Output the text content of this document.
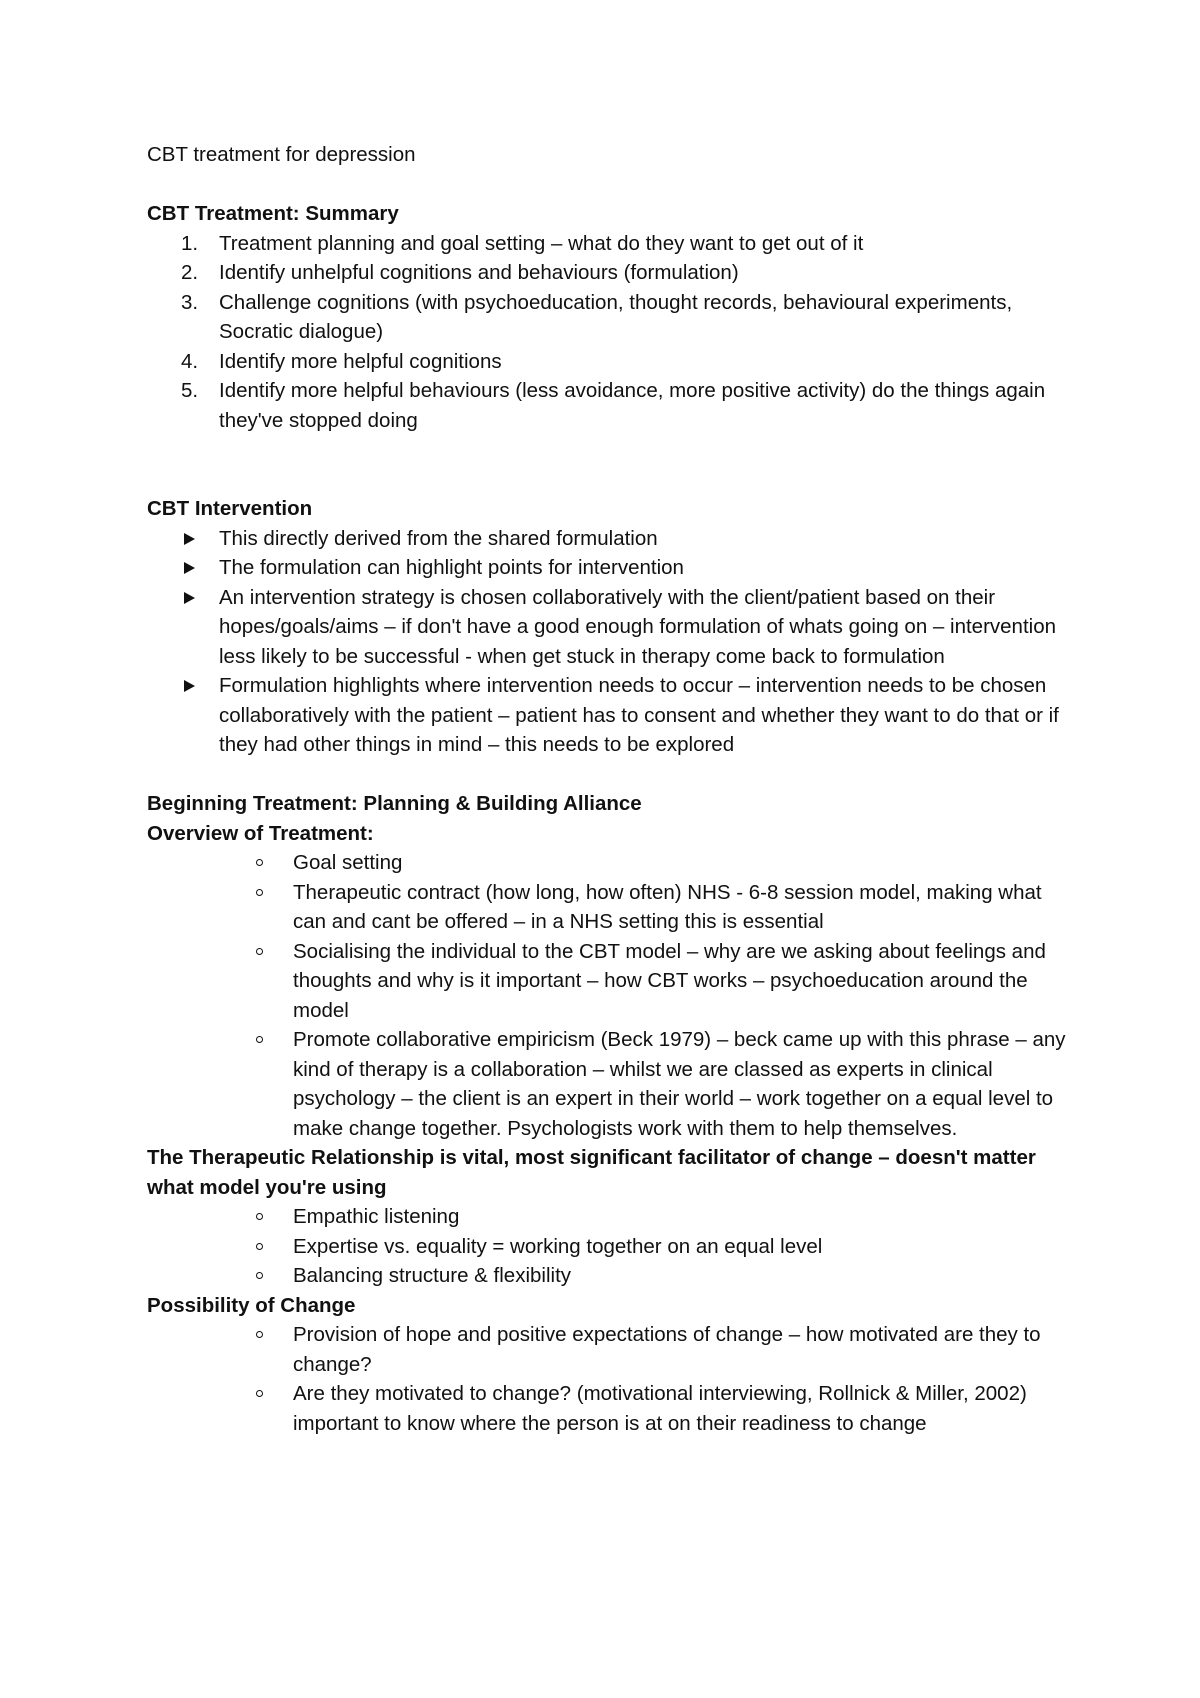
CBT treatment for depression

CBT Treatment: Summary

1. Treatment planning and goal setting – what do they want to get out of it
2. Identify unhelpful cognitions and behaviours (formulation)
3. Challenge cognitions (with psychoeducation, thought records, behavioural experiments, Socratic dialogue)
4. Identify more helpful cognitions
5. Identify more helpful behaviours (less avoidance, more positive activity) do the things again they've stopped doing

CBT Intervention

This directly derived from the shared formulation
The formulation can highlight points for intervention
An intervention strategy is chosen collaboratively with the client/patient based on their hopes/goals/aims – if don't have a good enough formulation of whats going on – intervention less likely to be successful - when get stuck in therapy come back to formulation
Formulation highlights where intervention needs to occur – intervention needs to be chosen collaboratively with the patient – patient has to consent and whether they want to do that or if they had other things in mind – this needs to be explored

Beginning Treatment: Planning & Building Alliance

Overview of Treatment:

Goal setting
Therapeutic contract (how long, how often) NHS - 6-8 session model, making what can and cant be offered – in a NHS setting this is essential
Socialising the individual to the CBT model – why are we asking about feelings and thoughts and why is it important – how CBT works – psychoeducation around the model
Promote collaborative empiricism (Beck 1979) – beck came up with this phrase – any kind of therapy is a collaboration – whilst we are classed as experts in clinical psychology – the client is an expert in their world – work together on a equal level to make change together. Psychologists work with them to help themselves.

The Therapeutic Relationship is vital, most significant facilitator of change – doesn't matter what model you're using

Empathic listening
Expertise vs. equality = working together on an equal level
Balancing structure & flexibility

Possibility of Change

Provision of hope and positive expectations of change – how motivated are they to change?
Are they motivated to change? (motivational interviewing, Rollnick & Miller, 2002) important to know where the person is at on their readiness to change
